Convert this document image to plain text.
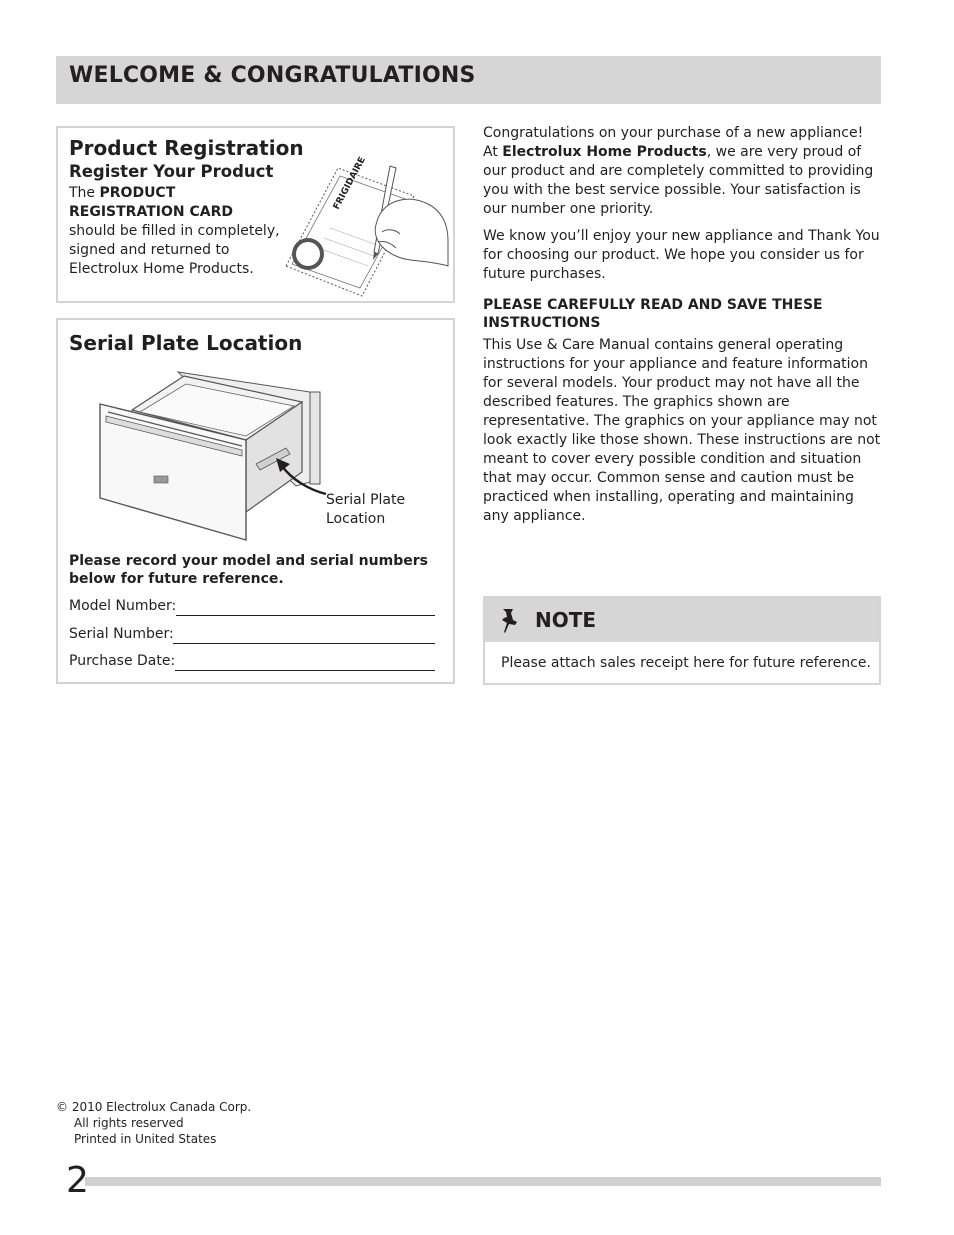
WELCOME & CONGRATULATIONS
Product Registration
Register Your Product
The PRODUCT
REGISTRATION CARD
should be filled in completely, signed and returned to Electrolux Home Products.
FRIGIDAIRE
Serial Plate Location
Serial Plate
Location
Please record your model and serial numbers below for future reference.
Model Number:
Serial Number:
Purchase Date:

Congratulations on your purchase of a new appliance! At Electrolux Home Products, we are very proud of our product and are completely committed to providing you with the best service possible. Your satisfaction is our number one priority.

We know you’ll enjoy your new appliance and Thank You for choosing our product. We hope you consider us for future purchases.

PLEASE CAREFULLY READ AND SAVE THESE INSTRUCTIONS

This Use & Care Manual contains general operating instructions for your appliance and feature information for several models. Your product may not have all the described features. The graphics shown are representative. The graphics on your appliance may not look exactly like those shown. These instructions are not meant to cover every possible condition and situation that may occur. Common sense and caution must be practiced when installing, operating and maintaining any appliance.

NOTE
Please attach sales receipt here for future reference.
© 2010 Electrolux Canada Corp.
All rights reserved
Printed in United States
2
